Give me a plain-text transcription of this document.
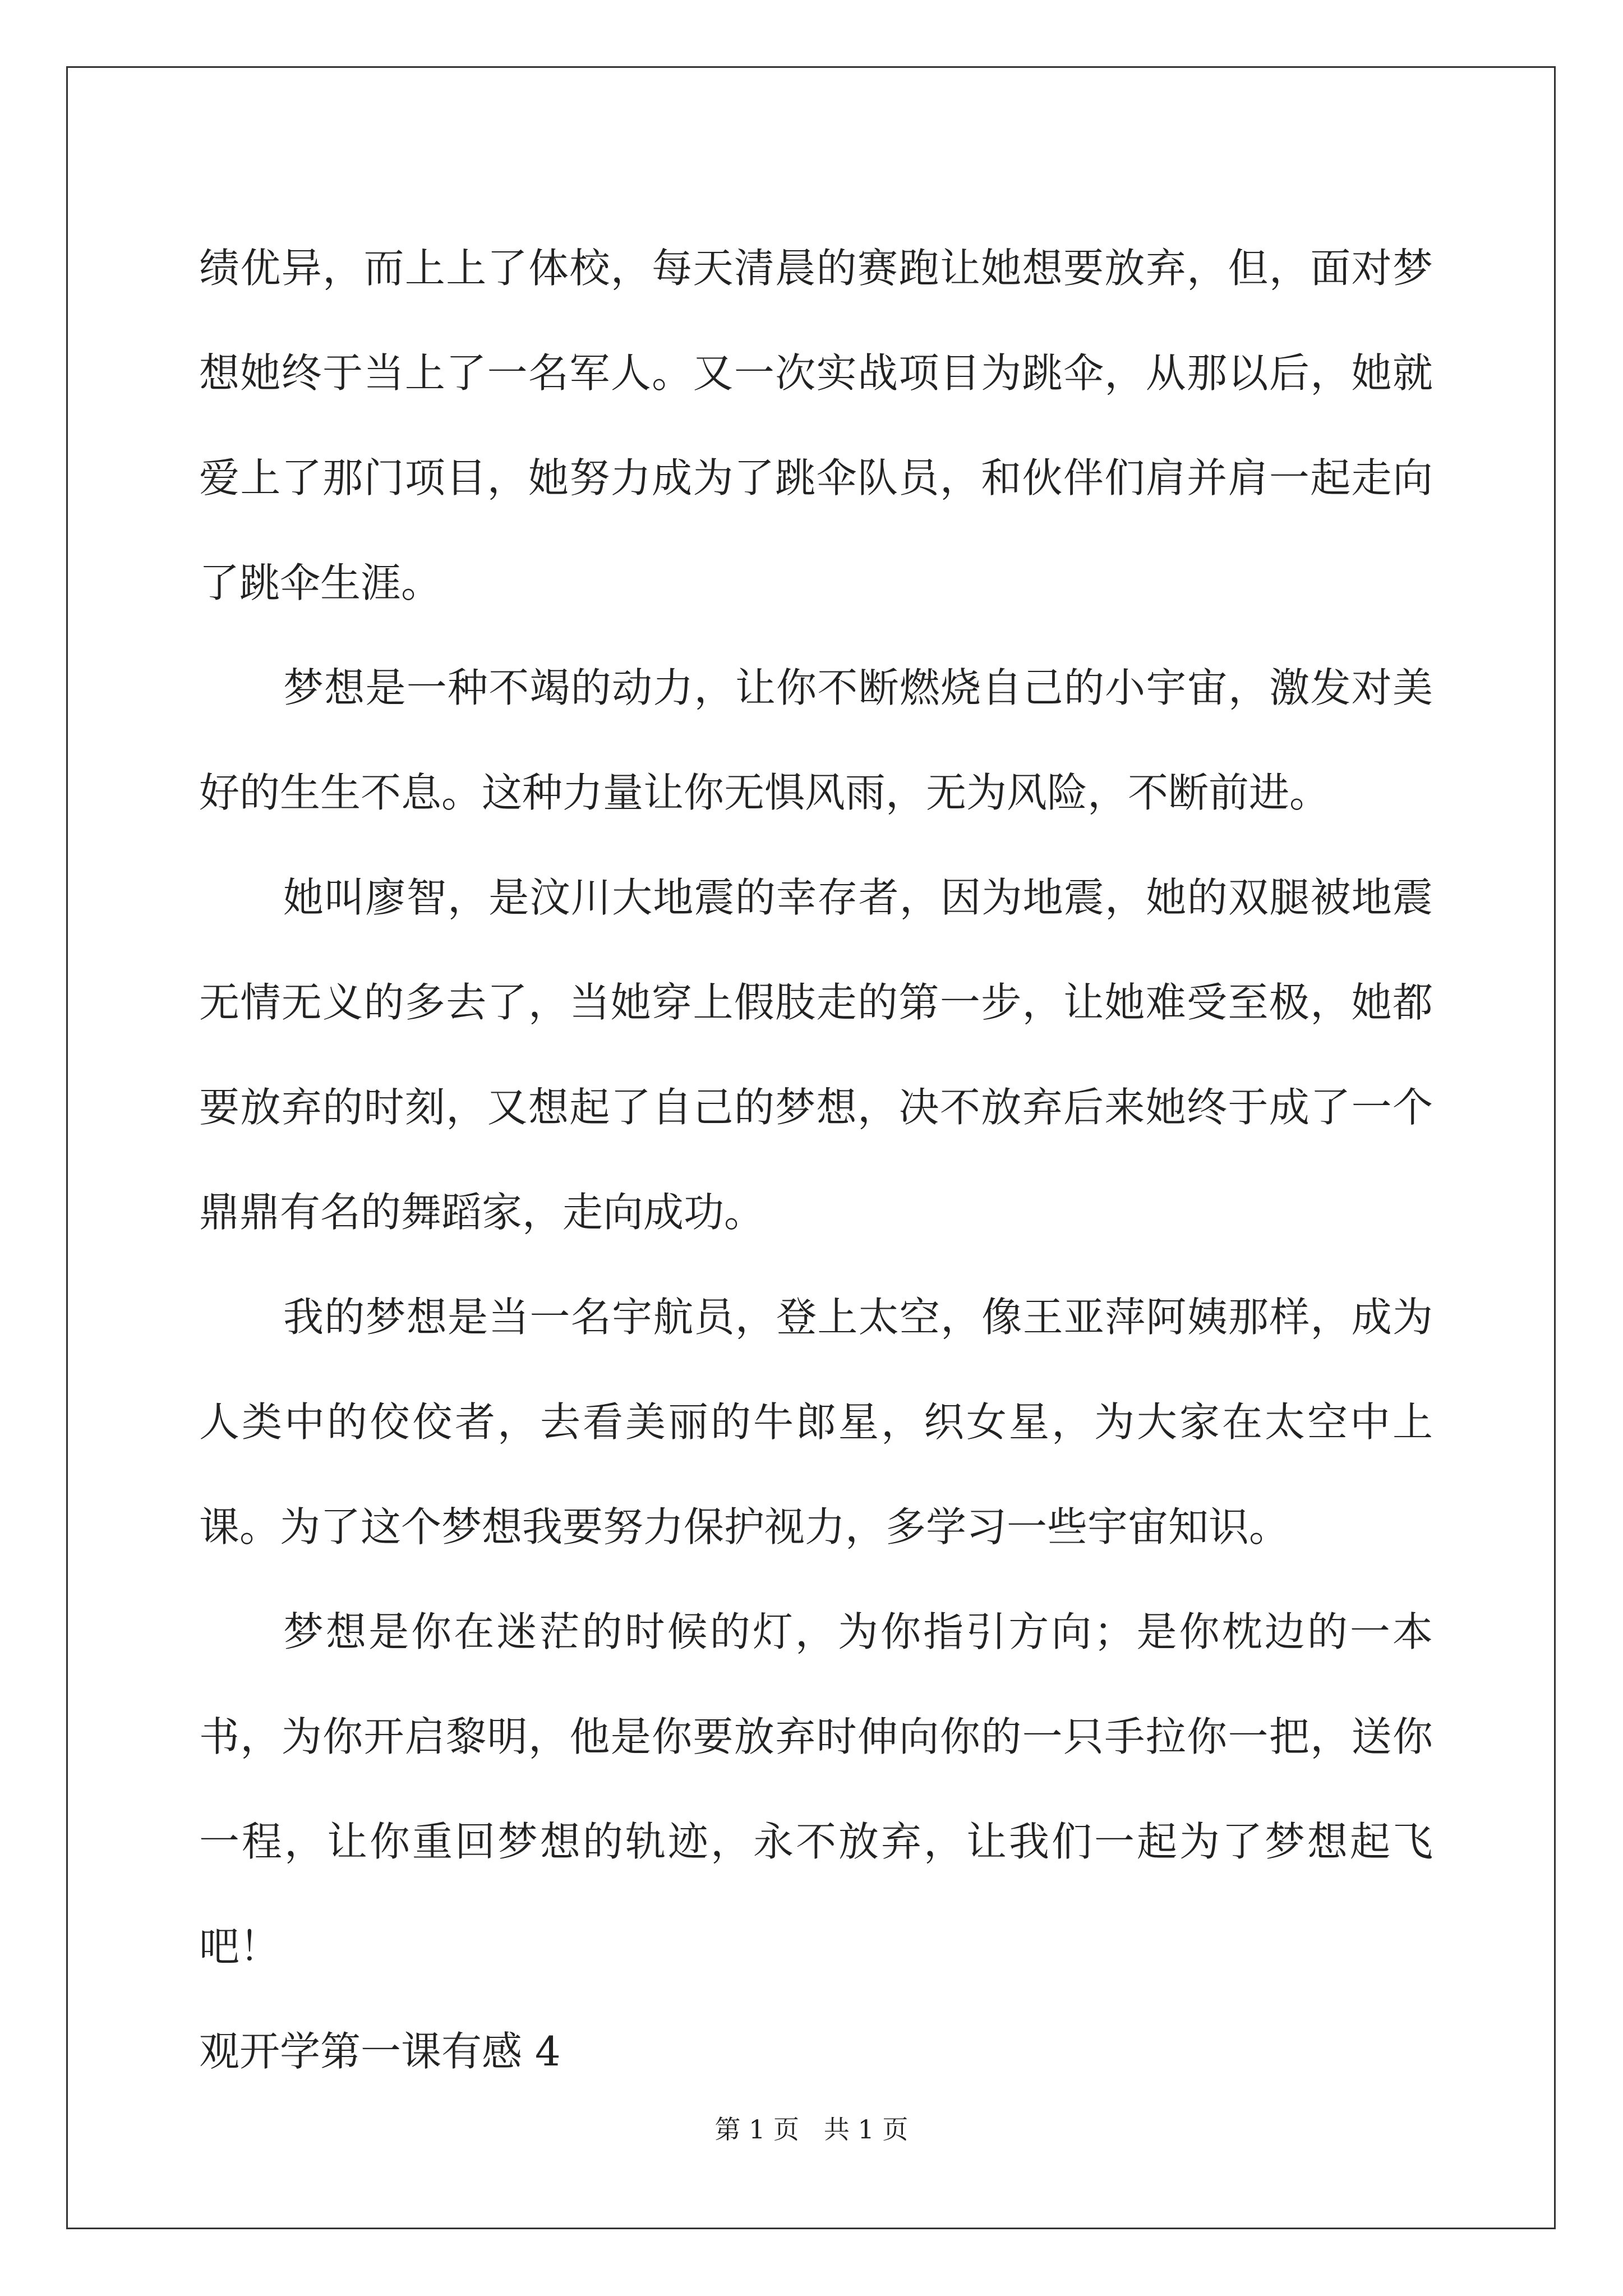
绩优异，而上上了体校，每天清晨的赛跑让她想要放弃，但，面对梦想她终于当上了一名军人。又一次实战项目为跳伞，从那以后，她就爱上了那门项目，她努力成为了跳伞队员，和伙伴们肩并肩一起走向了跳伞生涯。

梦想是一种不竭的动力，让你不断燃烧自己的小宇宙，激发对美好的生生不息。这种力量让你无惧风雨，无为风险，不断前进。

她叫廖智，是汶川大地震的幸存者，因为地震，她的双腿被地震无情无义的多去了，当她穿上假肢走的第一步，让她难受至极，她都要放弃的时刻，又想起了自己的梦想，决不放弃后来她终于成了一个鼎鼎有名的舞蹈家，走向成功。

我的梦想是当一名宇航员，登上太空，像王亚萍阿姨那样，成为人类中的佼佼者，去看美丽的牛郎星，织女星，为大家在太空中上课。为了这个梦想我要努力保护视力，多学习一些宇宙知识。

梦想是你在迷茫的时候的灯，为你指引方向；是你枕边的一本书，为你开启黎明，他是你要放弃时伸向你的一只手拉你一把，送你一程，让你重回梦想的轨迹，永不放弃，让我们一起为了梦想起飞吧！

观开学第一课有感 4

第 1 页   共 1 页
